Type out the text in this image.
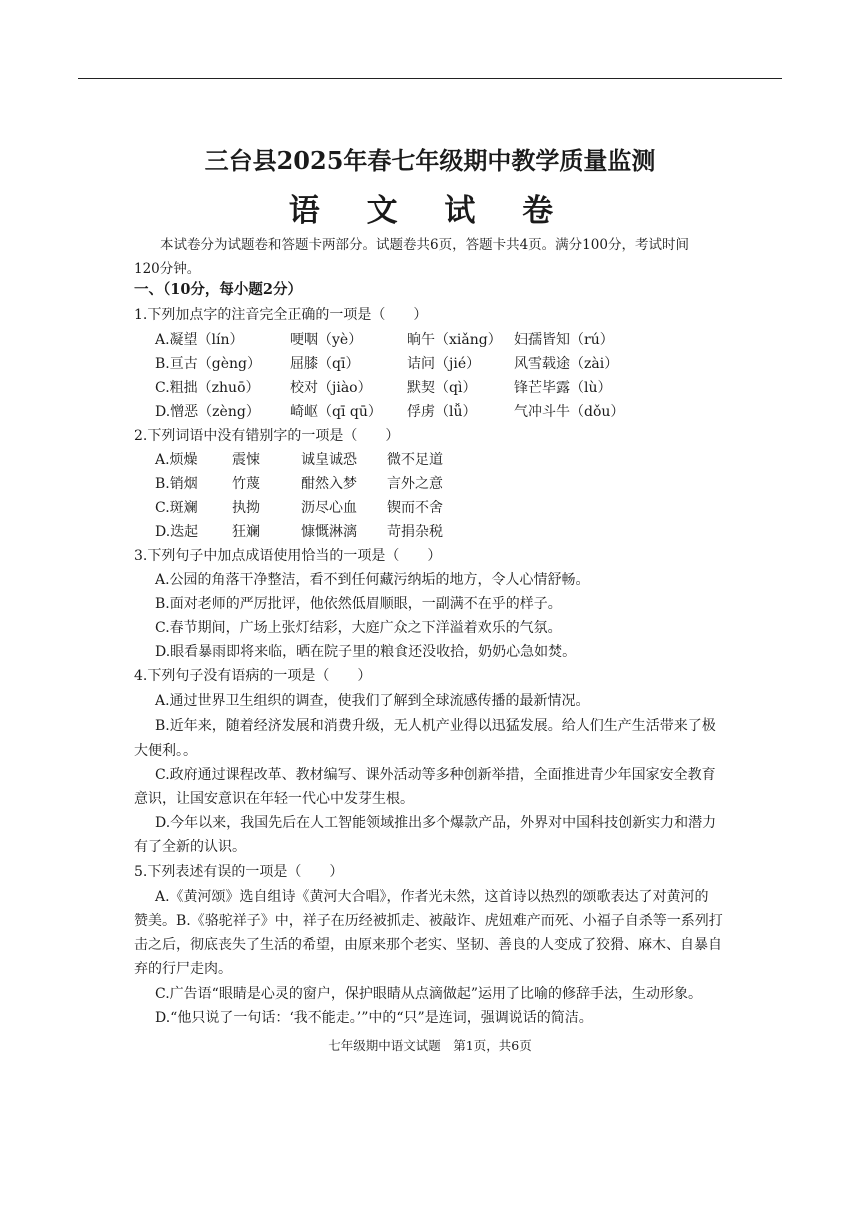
三台县2025年春七年级期中教学质量监测
语 文 试 卷
本试卷分为试题卷和答题卡两部分。试题卷共6页，答题卡共4页。满分100分，考试时间
120分钟。
一、（10分，每小题2分）
1.下列加点字的注音完全正确的一项是（　　）
A.凝望（lín）	哽咽（yè）	晌午（xiǎng） 妇孺皆知（rú）
B.亘古（gèng） 屈膝（qī）	诘问（jié） 风雪载途（zài）
C.粗拙（zhuō） 校对（jiào）	默契（qì）	锋芒毕露（lù）
D.憎恶（zèng） 崎岖（qī qū） 俘虏（lǚ）	气冲斗牛（dǒu）
2.下列词语中没有错别字的一项是（　　）
A.烦燥 震悚	诚皇诚恐 微不足道
B.销烟 竹蔑	酣然入梦 言外之意
C.斑斓 执拗	沥尽心血 锲而不舍
D.迭起 狂斓	慷慨淋漓 苛捐杂税
3.下列句子中加点成语使用恰当的一项是（　　）
A.公园的角落干净整洁，看不到任何藏污纳垢的地方，令人心情舒畅。
B.面对老师的严厉批评，他依然低眉顺眼，一副满不在乎的样子。
C.春节期间，广场上张灯结彩，大庭广众之下洋溢着欢乐的气氛。
D.眼看暴雨即将来临，晒在院子里的粮食还没收拾，奶奶心急如焚。
4.下列句子没有语病的一项是（　　）
A.通过世界卫生组织的调查，使我们了解到全球流感传播的最新情况。
B.近年来，随着经济发展和消费升级，无人机产业得以迅猛发展。给人们生产生活带来了极
大便利。。
C.政府通过课程改革、教材编写、课外活动等多种创新举措，全面推进青少年国家安全教育
意识，让国安意识在年轻一代心中发芽生根。
D.今年以来，我国先后在人工智能领域推出多个爆款产品，外界对中国科技创新实力和潜力
有了全新的认识。
5.下列表述有误的一项是（　　）
A.《黄河颂》选自组诗《黄河大合唱》，作者光未然，这首诗以热烈的颂歌表达了对黄河的
赞美。B.《骆驼祥子》中，祥子在历经被抓走、被敲诈、虎妞难产而死、小福子自杀等一系列打
击之后，彻底丧失了生活的希望，由原来那个老实、坚韧、善良的人变成了狡猾、麻木、自暴自
弃的行尸走肉。
C.广告语“眼睛是心灵的窗户，保护眼睛从点滴做起”运用了比喻的修辞手法，生动形象。
D.“他只说了一句话：‘我不能走。’”中的“只”是连词，强调说话的简洁。
七年级期中语文试题　第1页，共6页
